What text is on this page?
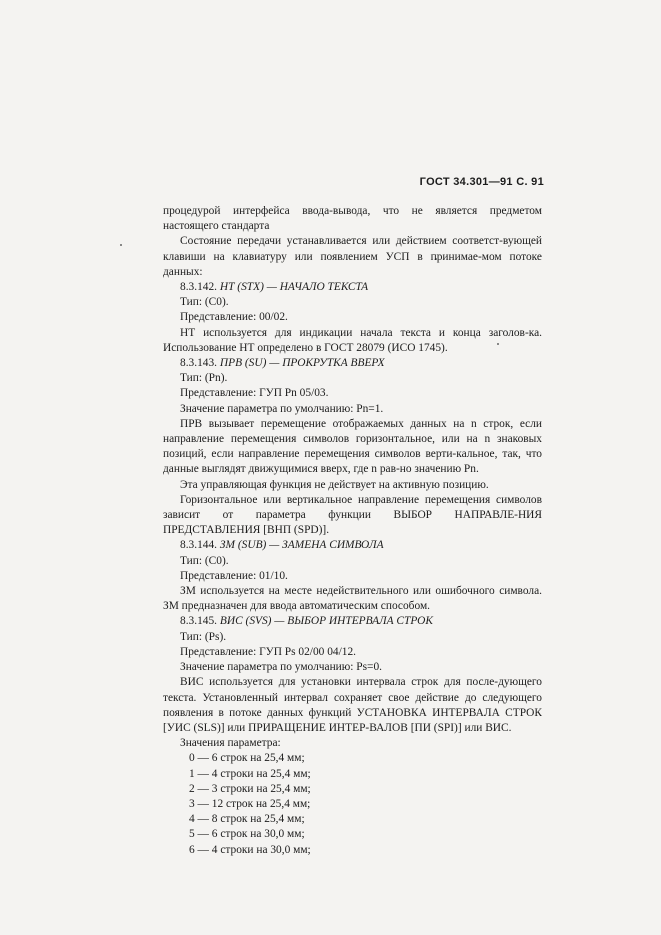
ГОСТ 34.301—91 С. 91

процедурой интерфейса ввода-вывода, что не является предметом настоящего стандарта

Состояние передачи устанавливается или действием соответст-вующей клавиши на клавиатуру или появлением УСП в принимае-мом потоке данных:

8.3.142. НТ (STX) — НАЧАЛО ТЕКСТА

Тип: (C0).

Представление: 00/02.

НТ используется для индикации начала текста и конца заголов-ка. Использование НТ определено в ГОСТ 28079 (ИСО 1745).

8.3.143. ПРВ (SU) — ПРОКРУТКА ВВЕРХ

Тип: (Pn).

Представление: ГУП Pn 05/03.

Значение параметра по умолчанию: Pn=1.

ПРВ вызывает перемещение отображаемых данных на n строк, если направление перемещения символов горизонтальное, или на n знаковых позиций, если направление перемещения символов верти-кальное, так, что данные выглядят движущимися вверх, где n рав-но значению Pn.

Эта управляющая функция не действует на активную позицию.

Горизонтальное или вертикальное направление перемещения символов зависит от параметра функции ВЫБОР НАПРАВЛЕ-НИЯ ПРЕДСТАВЛЕНИЯ [ВНП (SPD)].

8.3.144. ЗМ (SUB) — ЗАМЕНА СИМВОЛА

Тип: (C0).

Представление: 01/10.

ЗМ используется на месте недействительного или ошибочного символа. ЗМ предназначен для ввода автоматическим способом.

8.3.145. ВИС (SVS) — ВЫБОР ИНТЕРВАЛА СТРОК

Тип: (Ps).

Представление: ГУП Ps 02/00 04/12.

Значение параметра по умолчанию: Ps=0.

ВИС используется для установки интервала строк для после-дующего текста. Установленный интервал сохраняет свое действие до следующего появления в потоке данных функций УСТАНОВКА ИНТЕРВАЛА СТРОК [УИС (SLS)] или ПРИРАЩЕНИЕ ИНТЕР-ВАЛОВ [ПИ (SPI)] или ВИС.

Значения параметра:

0 — 6 строк на 25,4 мм;

1 — 4 строки на 25,4 мм;

2 — 3 строки на 25,4 мм;

3 — 12 строк на 25,4 мм;

4 — 8 строк на 25,4 мм;

5 — 6 строк на 30,0 мм;

6 — 4 строки на 30,0 мм;
